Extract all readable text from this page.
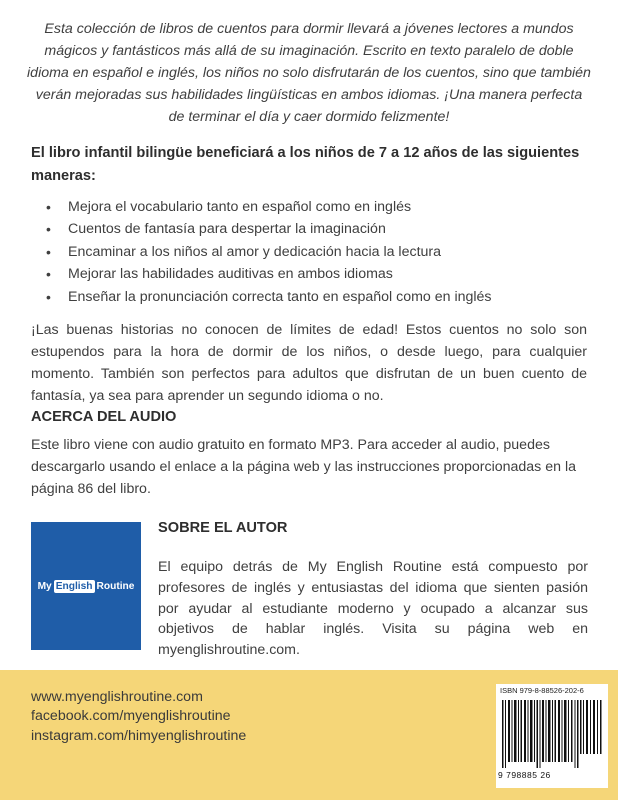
Esta colección de libros de cuentos para dormir llevará a jóvenes lectores a mundos mágicos y fantásticos más allá de su imaginación. Escrito en texto paralelo de doble idioma en español e inglés, los niños no solo disfrutarán de los cuentos, sino que también verán mejoradas sus habilidades lingüísticas en ambos idiomas. ¡Una manera perfecta de terminar el día y caer dormido felizmente!

El libro infantil bilingüe beneficiará a los niños de 7 a 12 años de las siguientes maneras:
• Mejora el vocabulario tanto en español como en inglés
• Cuentos de fantasía para despertar la imaginación
• Encaminar a los niños al amor y dedicación hacia la lectura
• Mejorar las habilidades auditivas en ambos idiomas
• Enseñar la pronunciación correcta tanto en español como en inglés

¡Las buenas historias no conocen de límites de edad! Estos cuentos no solo son estupendos para la hora de dormir de los niños, o desde luego, para cualquier momento. También son perfectos para adultos que disfrutan de un buen cuento de fantasía, ya sea para aprender un segundo idioma o no.

ACERCA DEL AUDIO

Este libro viene con audio gratuito en formato MP3. Para acceder al audio, puedes descargarlo usando el enlace a la página web y las instrucciones proporcionadas en la página 86 del libro.

My English Routine
SOBRE EL AUTOR

El equipo detrás de My English Routine está compuesto por profesores de inglés y entusiastas del idioma que sienten pasión por ayudar al estudiante moderno y ocupado a alcanzar sus objetivos de hablar inglés. Visita su página web en myenglishroutine.com.

www.myenglishroutine.com
facebook.com/myenglishroutine
instagram.com/himyenglishroutine
ISBN 979-8-88526-202-6
9 798885 26
